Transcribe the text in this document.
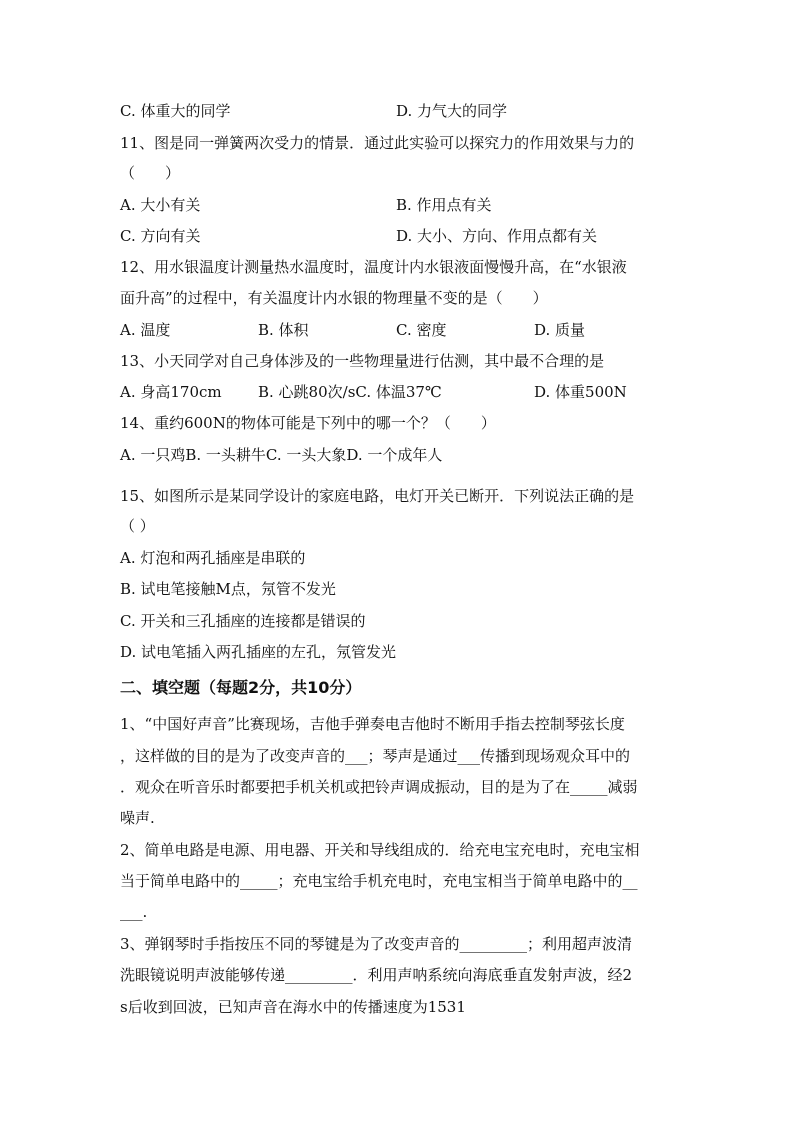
C. 体重大的同学	D. 力气大的同学
11、图是同一弹簧两次受力的情景．通过此实验可以探究力的作用效果与力的
（　　）
A. 大小有关	B. 作用点有关
C. 方向有关	D. 大小、方向、作用点都有关
12、用水银温度计测量热水温度时，温度计内水银液面慢慢升高，在“水银液
面升高”的过程中，有关温度计内水银的物理量不变的是（　　）
A. 温度	B. 体积	C. 密度	D. 质量
13、小天同学对自己身体涉及的一些物理量进行估测，其中最不合理的是
A. 身高170cm B. 心跳80次/sC. 体温37℃	D. 体重500N
14、重约600N的物体可能是下列中的哪一个？（　　）
A. 一只鸡B. 一头耕牛C. 一头大象D. 一个成年人
15、如图所示是某同学设计的家庭电路，电灯开关已断开．下列说法正确的是
（ ）
A. 灯泡和两孔插座是串联的
B. 试电笔接触M点，氖管不发光
C. 开关和三孔插座的连接都是错误的
D. 试电笔插入两孔插座的左孔，氖管发光
二、填空题（每题2分，共10分）
1、“中国好声音”比赛现场，吉他手弹奏电吉他时不断用手指去控制琴弦长度
，这样做的目的是为了改变声音的___；琴声是通过___传播到现场观众耳中的
．观众在听音乐时都要把手机关机或把铃声调成振动，目的是为了在_____减弱
噪声.
2、简单电路是电源、用电器、开关和导线组成的．给充电宝充电时，充电宝相
当于简单电路中的_____；充电宝给手机充电时，充电宝相当于简单电路中的__
___.
3、弹钢琴时手指按压不同的琴键是为了改变声音的_________；利用超声波清
洗眼镜说明声波能够传递_________．利用声呐系统向海底垂直发射声波，经2
s后收到回波，已知声音在海水中的传播速度为1531
